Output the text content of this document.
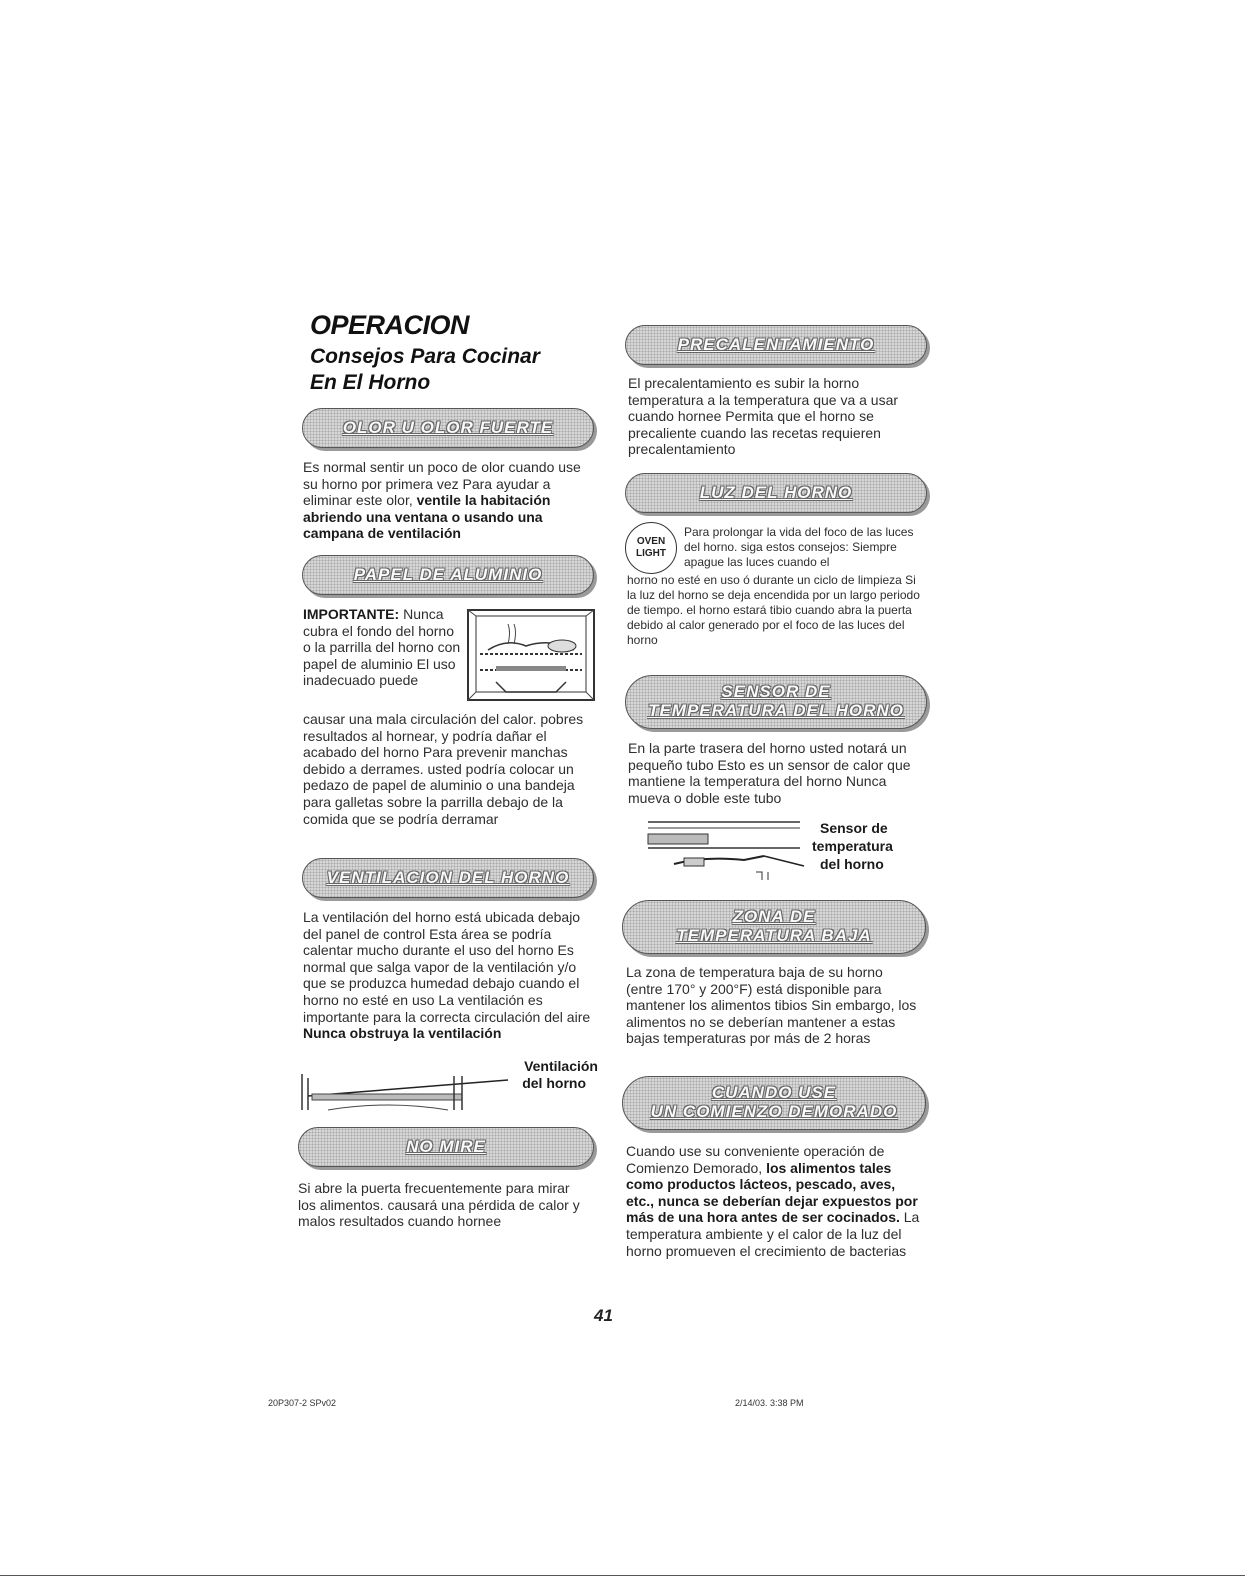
OPERACION
Consejos Para Cocinar
En El Horno
OLOR U OLOR FUERTE
Es normal sentir un poco de olor cuando use su horno por primera vez Para ayudar a eliminar este olor, ventile la habitación abriendo una ventana o usando una campana de ventilación
PAPEL DE ALUMINIO
IMPORTANTE: Nunca cubra el fondo del horno o la parrilla del horno con papel de aluminio El uso inadecuado puede
causar una mala circulación del calor. pobres resultados al hornear, y podría dañar el acabado del horno Para prevenir manchas debido a derrames. usted podría colocar un pedazo de papel de aluminio o una bandeja para galletas sobre la parrilla debajo de la comida que se podría derramar
VENTILACION DEL HORNO
La ventilación del horno está ubicada debajo del panel de control Esta área se podría calentar mucho durante el uso del horno Es normal que salga vapor de la ventilación y/o que se produzca humedad debajo cuando el horno no esté en uso La ventilación es importante para la correcta circulación del aire Nunca obstruya la ventilación
Ventilación
del horno
NO MIRE
Si abre la puerta frecuentemente para mirar los alimentos. causará una pérdida de calor y malos resultados cuando hornee
PRECALENTAMIENTO
El precalentamiento es subir la horno temperatura a la temperatura que va a usar cuando hornee Permita que el horno se precaliente cuando las recetas requieren precalentamiento
LUZ DEL HORNO
OVEN
LIGHT
Para prolongar la vida del foco de las luces del horno. siga estos consejos: Siempre apague las luces cuando el
horno no esté en uso ó durante un ciclo de limpieza Si la luz del horno se deja encendida por un largo periodo de tiempo. el horno estará tibio cuando abra la puerta debido al calor generado por el foco de las luces del horno
SENSOR DE
TEMPERATURA DEL HORNO
En la parte trasera del horno usted notará un pequeño tubo Esto es un sensor de calor que mantiene la temperatura del horno Nunca mueva o doble este tubo
Sensor de
temperatura
del horno
ZONA DE
TEMPERATURA BAJA
La zona de temperatura baja de su horno (entre 170° y 200°F) está disponible para mantener los alimentos tibios Sin embargo, los alimentos no se deberían mantener a estas bajas temperaturas por más de 2 horas
CUANDO USE
UN COMIENZO DEMORADO
Cuando use su conveniente operación de Comienzo Demorado, los alimentos tales como productos lácteos, pescado, aves, etc., nunca se deberían dejar expuestos por más de una hora antes de ser cocinados. La temperatura ambiente y el calor de la luz del horno promueven el crecimiento de bacterias
41
20P307-2 SPv02	2/14/03. 3:38 PM
